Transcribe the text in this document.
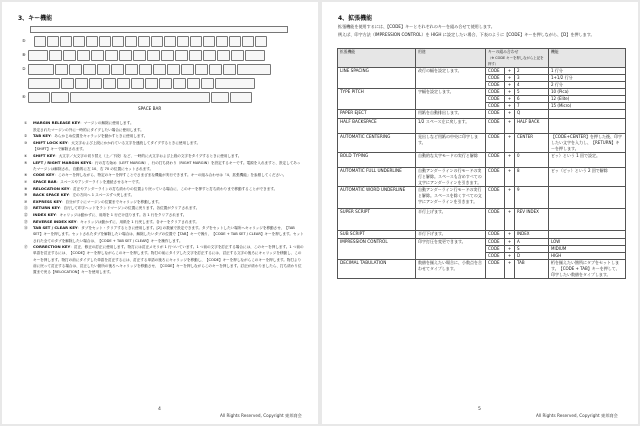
3、キー機能
⑤
⑧
②
⑥
SPACE BAR
①	MARGIN RELEASE KEY：マージンの解除に使用します。
設定されたマージンの外に一時的にタイプしたい場合に使用します。
②	TAB KEY：あらかじめ位置をキャラッジを動かすときに使用します。
③	SHIFT LOCK KEY：大文字および上段にかかれている文字を連続してタイプするときに使用します。
【SHIFT】キーで解除されます。
④	SHIFT KEY：大文字／大文字の切り替え（上／下段）など、一時的に大文字および上段の文字をタイプするときに使用します。
⑤	LEFT / RIGHT MARGIN KEYS：行の打ち始め（LEFT MARGIN）、行の打ち終わり（RIGHT MARGIN）を設定するキーです。電源を入れますと、設定してあったマージンは解除され、自動的に左 10、右 70 の位置にセットされます。
⑥	CODE KEY：このキーを押しながら、特定のキーを押すことでさまざまな機能が実行できます。キーの組み合わせは「4、拡張機能」を参照してください。
⑦	SPACE BAR：スペースやアンダーラインを連続させるキーです。
⑧	RELOCATION KEY：訂正やアンダーラインの打ち終わりの位置より戻っている場合に、このキーを押すと打ち終わりまで移動することができます。
⑨	BACK SPACE KEY：左の方向へ 1 スペースずつ戻します。
⑩	EXPRESS KEY：自分がすぐにマージンの位置までキャリッジを移動します。
⑪	RETURN KEY：自行して印字ヘッドをランドマージンの位置に戻ります。各位置がクリアされます。
⑫	INDEX KEY：キャリッジは動かずに、用紙を 1 行だけ送ります。各 1 行をクリアされます。
⑬	REVERSE INDEX KEY：キャリッジは動かずに、用紙を 1 行戻します。各キーをクリアされます。
⑭	TAB SET / CLEAR KEY：タブをセット・クリアするときに使用します。[2] の数値で設定できます。タブをセットしたい場所へキャリッジを移動させ、【TAB SET】キーを押します。セットされたタブを解除したい場合は、解除したいタブの位置で【TAB】キーで操り、【CODE + TAB SET / CLEAR】キーを押します。セットされた全てのタブを解除したい場合は、【CODE + TAB SET / CLEAR】キーを操作します。
⑮	CORRECTION KEY：訂正、修正の訂正に使用します。物打には訂正メモリが 1 行ついています。1 つ前の文字を訂正する場合には、このキーを押します。1 つ前の単語を訂正するには、【CODE】キーを押しながらこのキーを押します。物打の前にタイプした文字を訂正するには、訂正する文字の後ろにキャリッジを移動し、このキーを押します。物打の前にタイプした単語を訂正するには、訂正する単語の後ろにキャリッジを移動し、【CODE】キーを押しながらこのキーを押します。物打より前に戻って訂正する場合は、訂正したい箇所の後ろへキャリッジを移動させ、【CODE】キーを押しながらこのキーを押します。訂正が終わりましたら、打ち終わり位置まで戻る【RELOCATION】キーを使用します。
4
All Rights Reserved, Copyright 東邦商会
4、拡張機能
拡張機能を使用するには、【CODE】キーとそれぞれのキーを組み合せて使用します。
例えば、印字方法（IMPRESSION CONTROL）を HIGH に設定したい場合、下表のように【CODE】キーを押しながら、【D】を押します。
拡張機能	用途	キーの組み合わせ
（※ CODE キーを押しながら上記を押す）			機能
LINE SPACING	改行の幅を設定します。	CODE	+	2	1 行分
		CODE	+	3	1+1/2 行分
		CODE	+	4	2 行分
TYPE PITCH	字幅を設定します。	CODE	+	5	10 (Pica)
		CODE	+	6	12 (Elite)
		CODE	+	7	15 (Micro)
PAPER EJECT	用紙を自動排出します。	CODE	+	Q	
HALF BACKSPACE	1/2 スペース左に戻します。	CODE	+	HALF BACK	
AUTOMATIC CENTERING	見出しなど用紙の中央に印字します。	CODE	+	CENTER	【CODE+CENTER】を押した後、印字したい文字を入力し、【RETURN】キーを押します。
BOLD TYPING	自動的な太字モードの実行と解除	CODE	+	0	ビッ）という 1 回で設定。
AUTOMATIC FULL UNDERLINE	自動アンダーラインの行モードの実行と解除。スペースも含めすべての文字にアンダーラインを引きます。	CODE	+	8	ビッ（ピッ）という 2 回で解除
AUTOMATIC WORD UNDERLINE	自動アンダーライン行モードの実行と解除。スペースを除くすべての文字にアンダーラインを引きます。	CODE	+	9	
SUPER SCRIPT	半行上げます。	CODE	+	REV INDEX	
SUB SCRIPT	半行下げます。	CODE	+	INDEX	
IMPRESSION CONTROL	印字打圧を変更できます。	CODE	+	A	LOW
		CODE	+	S	MIDIUM
		CODE	+	D	HIGH
DECIMAL TABULATION	数値を揃えたい場合に、小数点を合わせてタイプします。	CODE	+	TAB	桁を揃えたい箇所にタブをセットします。【CODE + TAB】キーを押して、印字したい数値をタイプします。
5
All Rights Reserved, Copyright 東邦商会
